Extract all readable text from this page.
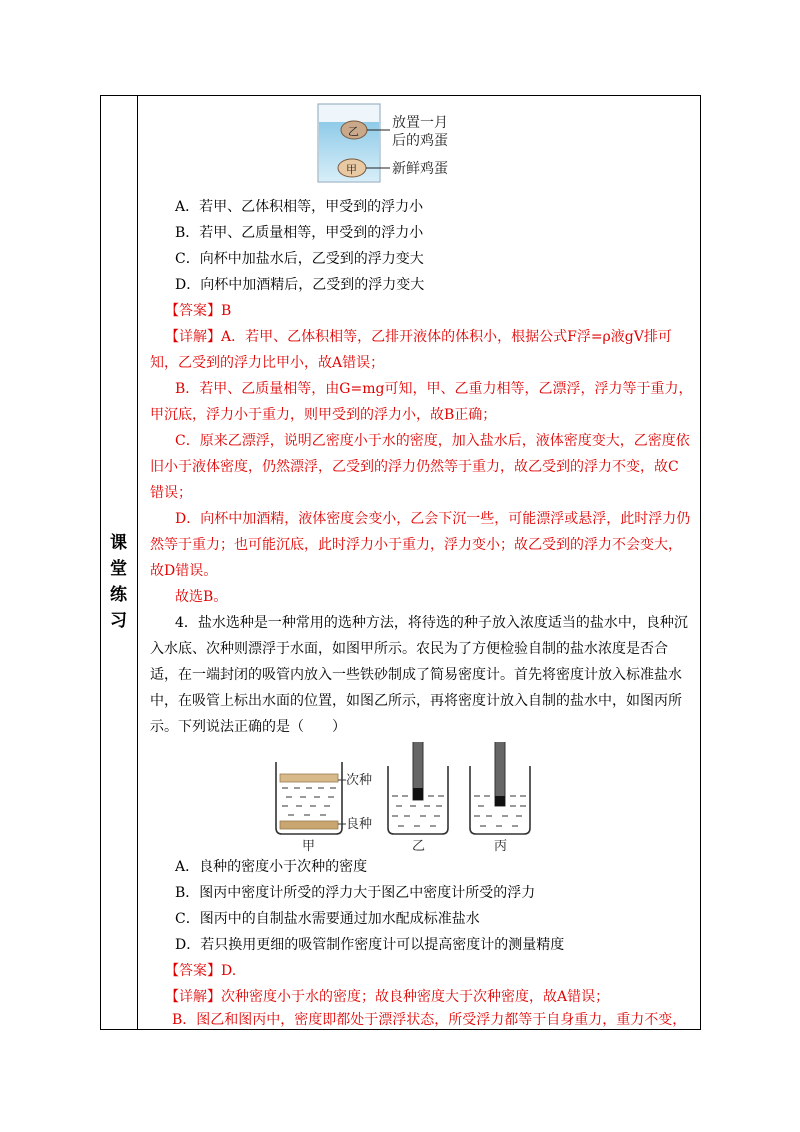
课
堂
练
习
乙
甲
放置一月
后的鸡蛋
新鲜鸡蛋
A．若甲、乙体积相等，甲受到的浮力小
B．若甲、乙质量相等，甲受到的浮力小
C．向杯中加盐水后，乙受到的浮力变大
D．向杯中加酒精后，乙受到的浮力变大
【答案】B
【详解】A．若甲、乙体积相等，乙排开液体的体积小，根据公式F浮=ρ液gV排可
知，乙受到的浮力比甲小，故A错误；
B．若甲、乙质量相等，由G=mg可知，甲、乙重力相等，乙漂浮，浮力等于重力，
甲沉底，浮力小于重力，则甲受到的浮力小，故B正确；
C．原来乙漂浮，说明乙密度小于水的密度，加入盐水后，液体密度变大，乙密度依
旧小于液体密度，仍然漂浮，乙受到的浮力仍然等于重力，故乙受到的浮力不变，故C
错误；
D．向杯中加酒精，液体密度会变小，乙会下沉一些，可能漂浮或悬浮，此时浮力仍
然等于重力；也可能沉底，此时浮力小于重力，浮力变小；故乙受到的浮力不会变大，
故D错误。
故选B。
4．盐水选种是一种常用的选种方法，将待选的种子放入浓度适当的盐水中，良种沉
入水底、次种则漂浮于水面，如图甲所示。农民为了方便检验自制的盐水浓度是否合
适，在一端封闭的吸管内放入一些铁砂制成了简易密度计。首先将密度计放入标准盐水
中，在吸管上标出水面的位置，如图乙所示，再将密度计放入自制的盐水中，如图丙所
示。下列说法正确的是（　　）
次种
良种
甲	乙	丙
A．良种的密度小于次种的密度
B．图丙中密度计所受的浮力大于图乙中密度计所受的浮力
C．图丙中的自制盐水需要通过加水配成标准盐水
D．若只换用更细的吸管制作密度计可以提高密度计的测量精度
【答案】D.
【详解】次种密度小于水的密度；故良种密度大于次种密度，故A错误；
B．图乙和图丙中，密度即都处于漂浮状态，所受浮力都等于自身重力，重力不变，
